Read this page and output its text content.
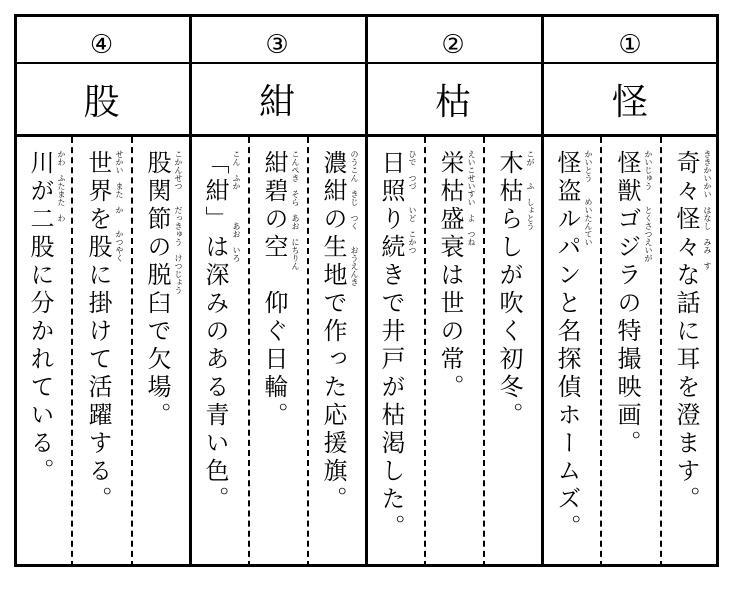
④
股
股関節の脱臼で欠場。 こかんせつ　　だっきゅう　けつじょう
世界を股に掛けて活躍する。 せかい　また　か　　かつやく
川が二股に分かれている。 かわ　ふたまた　わ
③
紺
濃紺の生地で作った応援旗。 のうこん　きじ　つく　　おうえんき
紺碧の空　仰ぐ日輪。 こんぺき　そら　あお　にちりん
「紺」は深みのある青い色。 こん　ふか　　　　あお　いろ
②
枯
木枯らしが吹く初冬。 こが　　ふ　しょとう
栄枯盛衰は世の常。 えいこせいすい　よ　つね
日照り続きで井戸が枯渇した。 ひで　つづ　　いど　こかつ
①
怪
奇々怪々な話に耳を澄ます。 ききかいかい　はなし　みみ　す
怪獣ゴジラの特撮映画。 かいじゅう　　とくさつえいが
怪盗ルパンと名探偵ホームズ。 かいとう　　めいたんてい
